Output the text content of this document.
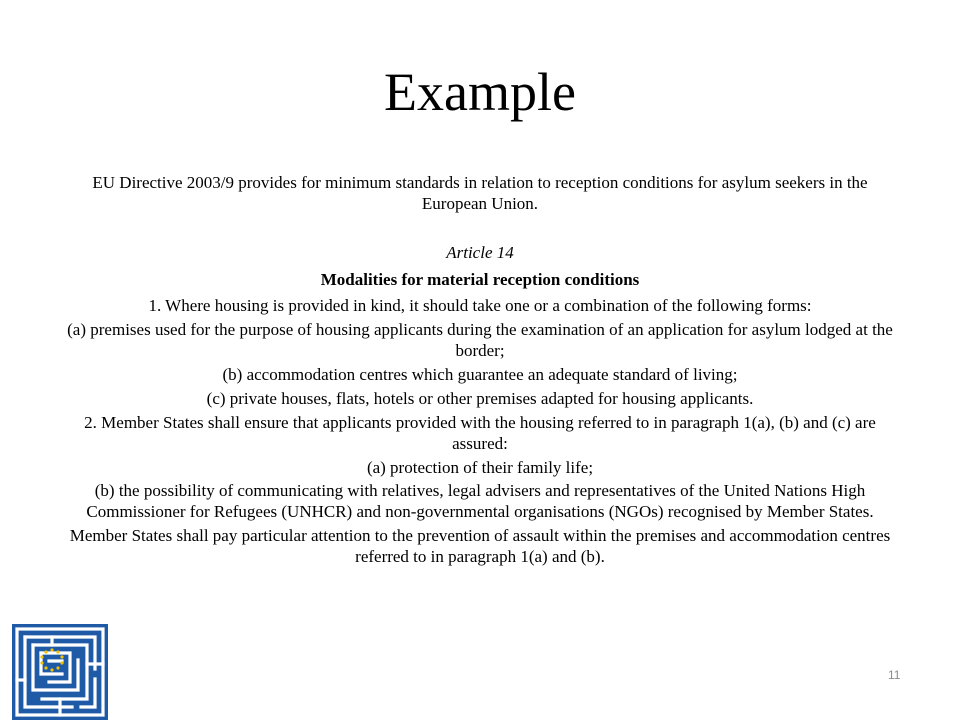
Example

EU Directive 2003/9 provides for minimum standards in relation to reception conditions for asylum seekers in the European Union.

Article 14

Modalities for material reception conditions

1. Where housing is provided in kind, it should take one or a combination of the following forms:

(a) premises used for the purpose of housing applicants during the examination of an application for asylum lodged at the border;

(b) accommodation centres which guarantee an adequate standard of living;

(c) private houses, flats, hotels or other premises adapted for housing applicants.

2. Member States shall ensure that applicants provided with the housing referred to in paragraph 1(a), (b) and (c) are assured:

(a) protection of their family life;

(b) the possibility of communicating with relatives, legal advisers and representatives of the United Nations High Commissioner for Refugees (UNHCR) and non-governmental organisations (NGOs) recognised by Member States.

Member States shall pay particular attention to the prevention of assault within the premises and accommodation centres referred to in paragraph 1(a) and (b).

11
